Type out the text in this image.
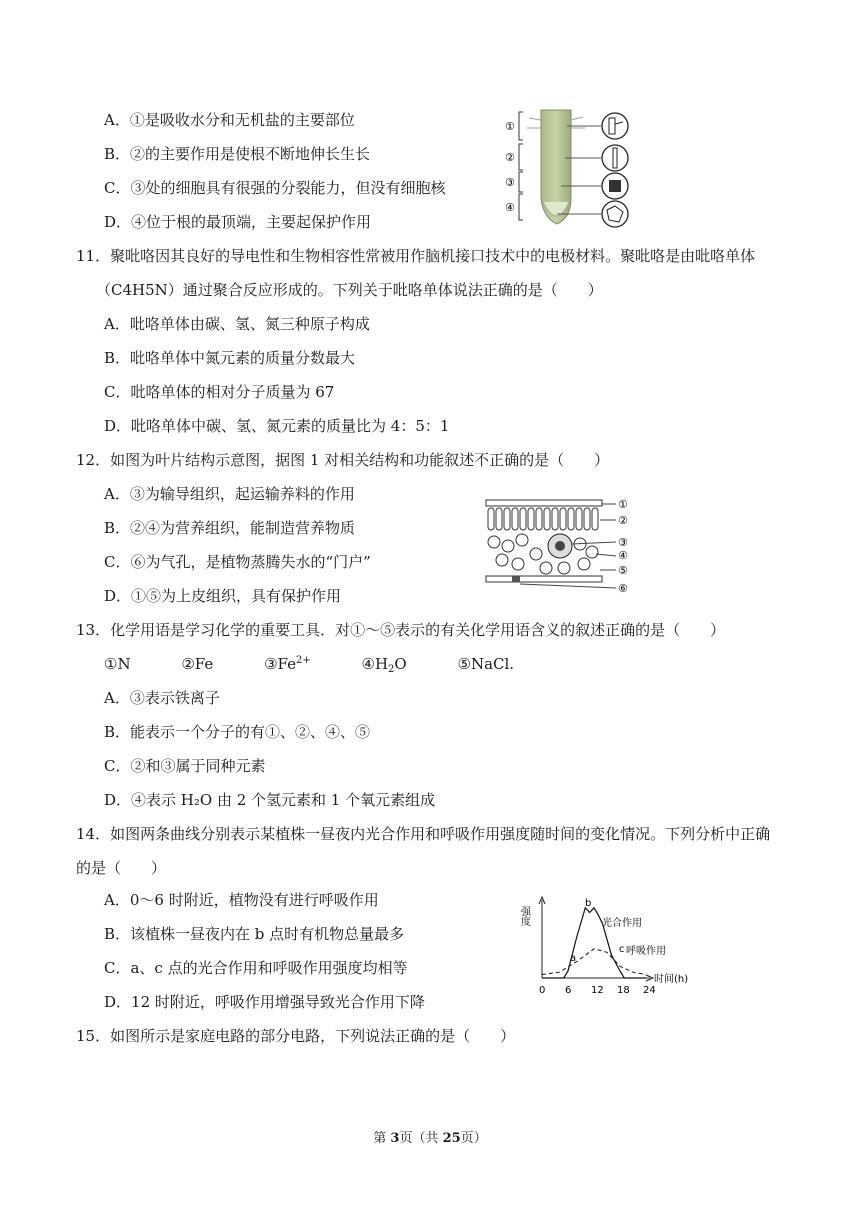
A．①是吸收水分和无机盐的主要部位
B．②的主要作用是使根不断地伸长生长
C．③处的细胞具有很强的分裂能力，但没有细胞核
D．④位于根的最顶端，主要起保护作用
①
②
③
④
11．聚吡咯因其良好的导电性和生物相容性常被用作脑机接口技术中的电极材料。聚吡咯是由吡咯单体
（C4H5N）通过聚合反应形成的。下列关于吡咯单体说法正确的是（　　）
A．吡咯单体由碳、氢、氮三种原子构成
B．吡咯单体中氮元素的质量分数最大
C．吡咯单体的相对分子质量为 67
D．吡咯单体中碳、氢、氮元素的质量比为 4：5：1
12．如图为叶片结构示意图，据图 1 对相关结构和功能叙述不正确的是（　　）
A．③为输导组织，起运输养料的作用
B．②④为营养组织，能制造营养物质
C．⑥为气孔，是植物蒸腾失水的“门户”
D．①⑤为上皮组织，具有保护作用
①
②
③
④
⑤
⑥
13．化学用语是学习化学的重要工具．对①～⑤表示的有关化学用语含义的叙述正确的是（　　）
①N	②Fe	$③Fe^{2+}$	$④H_2O$	⑤NaCl.
A．③表示铁离子
B．能表示一个分子的有①、②、④、⑤
C．②和③属于同种元素
D．④表示 H₂O 由 2 个氢元素和 1 个氧元素组成
14．如图两条曲线分别表示某植株一昼夜内光合作用和呼吸作用强度随时间的变化情况。下列分析中正确
的是（　　）
A．0～6 时附近，植物没有进行呼吸作用
B．该植株一昼夜内在 b 点时有机物总量最多
C．a、c 点的光合作用和呼吸作用强度均相等
D．12 时附近，呼吸作用增强导致光合作用下降
强度
时间(h)
0 6 12 18 24
a
b
c
光合作用
呼吸作用
15．如图所示是家庭电路的部分电路，下列说法正确的是（　　）
第 3页（共 25页）
